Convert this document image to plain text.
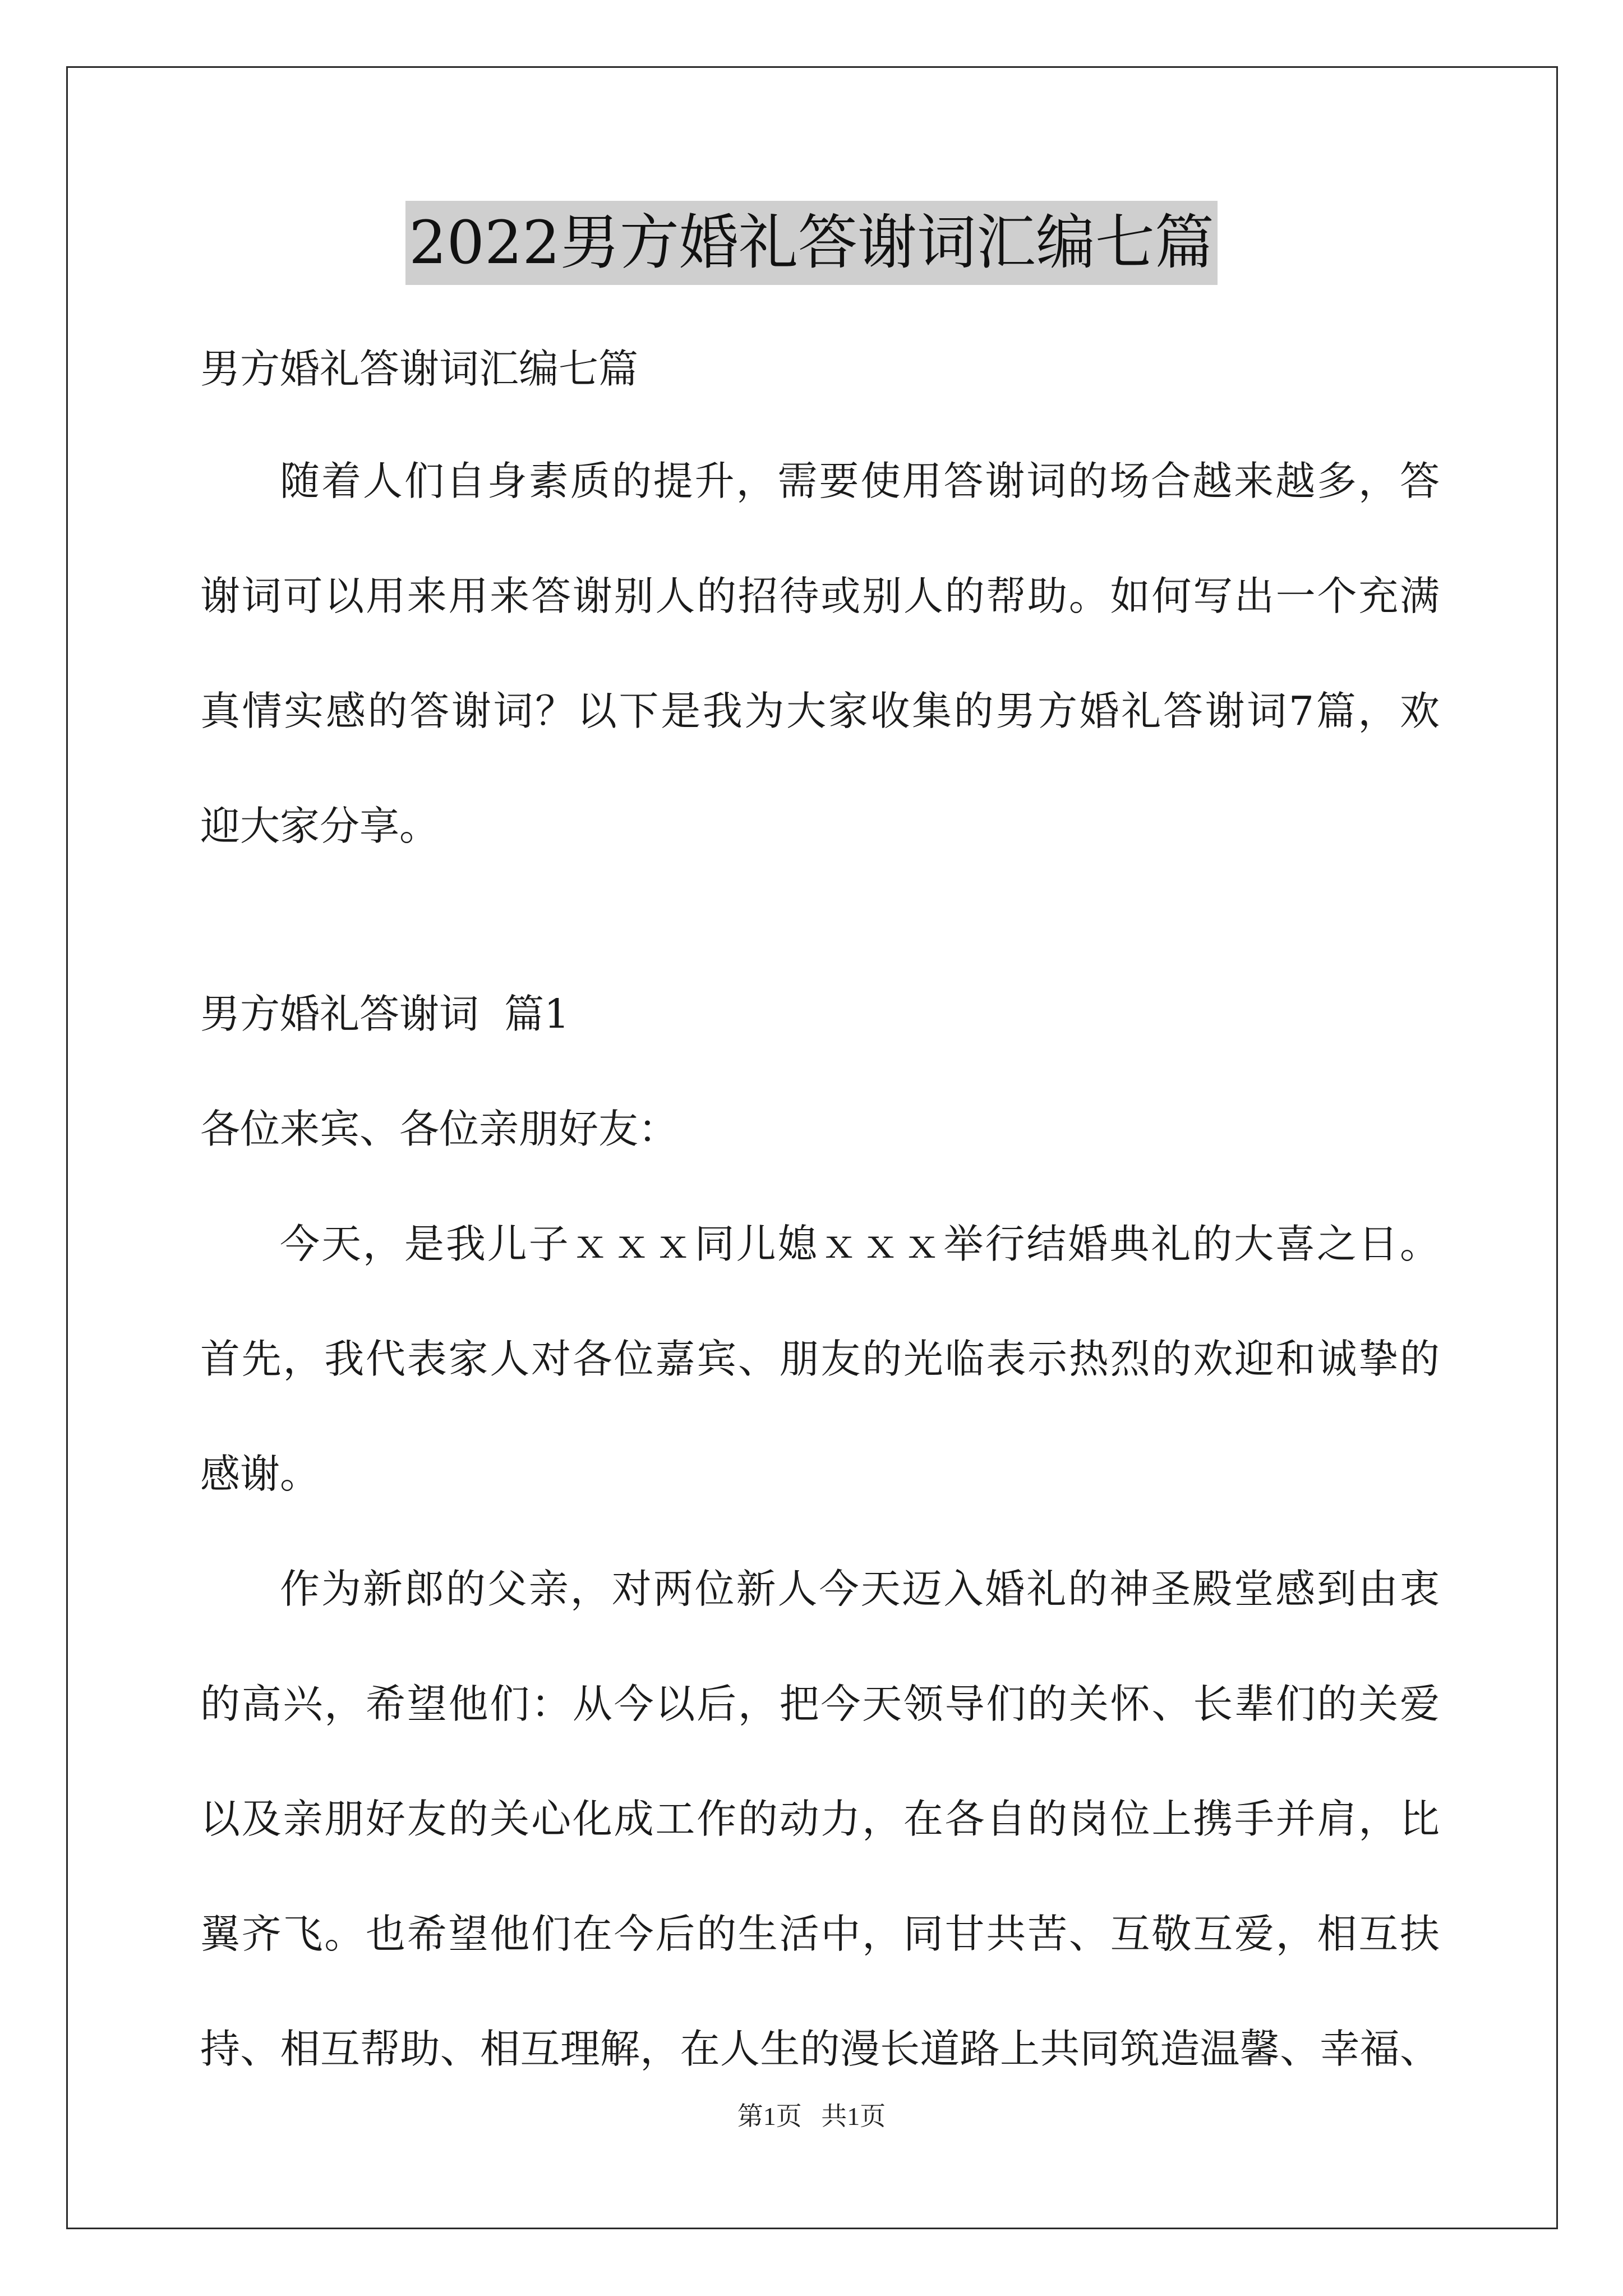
2022男方婚礼答谢词汇编七篇
男方婚礼答谢词汇编七篇
随着人们自身素质的提升，需要使用答谢词的场合越来越多，答
谢词可以用来用来答谢别人的招待或别人的帮助。如何写出一个充满
真情实感的答谢词？以下是我为大家收集的男方婚礼答谢词7篇，欢
迎大家分享。
男方婚礼答谢词  篇1
各位来宾、各位亲朋好友：
今天，是我儿子ｘｘｘ同儿媳ｘｘｘ举行结婚典礼的大喜之日。
首先，我代表家人对各位嘉宾、朋友的光临表示热烈的欢迎和诚挚的
感谢。
作为新郎的父亲，对两位新人今天迈入婚礼的神圣殿堂感到由衷
的高兴，希望他们：从今以后，把今天领导们的关怀、长辈们的关爱
以及亲朋好友的关心化成工作的动力，在各自的岗位上携手并肩，比
翼齐飞。也希望他们在今后的生活中，同甘共苦、互敬互爱，相互扶
持、相互帮助、相互理解，在人生的漫长道路上共同筑造温馨、幸福、
第1页 共1页
